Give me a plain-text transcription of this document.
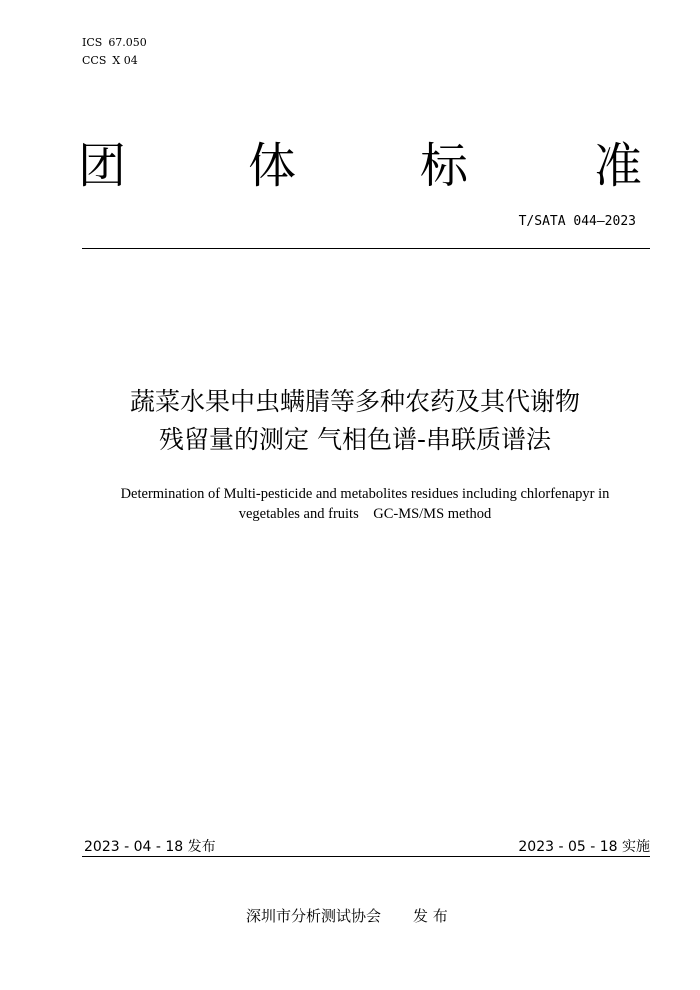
ICS 67.050
CCS X 04
团	体	标	准
T/SATA 044—2023
蔬菜水果中虫螨腈等多种农药及其代谢物
残留量的测定 气相色谱-串联质谱法
Determination of Multi-pesticide and metabolites residues including chlorfenapyr in
vegetables and fruits    GC-MS/MS method
2023 - 04 - 18 发布	2023 - 05 - 18 实施
深圳市分析测试协会 发 布
